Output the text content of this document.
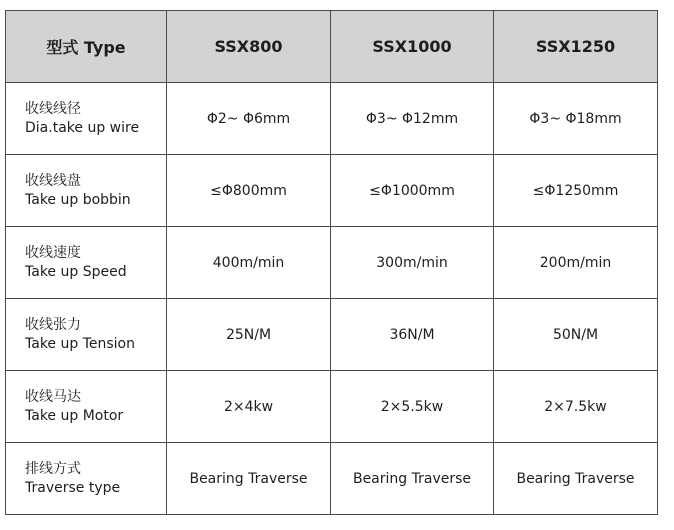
型式 Type	SSX800	SSX1000	SSX1250

收线线径
Dia.take up wire	Φ2~ Φ6mm	Φ3~ Φ12mm	Φ3~ Φ18mm

收线线盘
Take up bobbin	≤Φ800mm	≤Φ1000mm	≤Φ1250mm

收线速度
Take up Speed	400m/min	300m/min	200m/min

收线张力
Take up Tension	25N/M	36N/M	50N/M

收线马达
Take up Motor	2×4kw	2×5.5kw	2×7.5kw

排线方式
Traverse type	Bearing Traverse	Bearing Traverse	Bearing Traverse
